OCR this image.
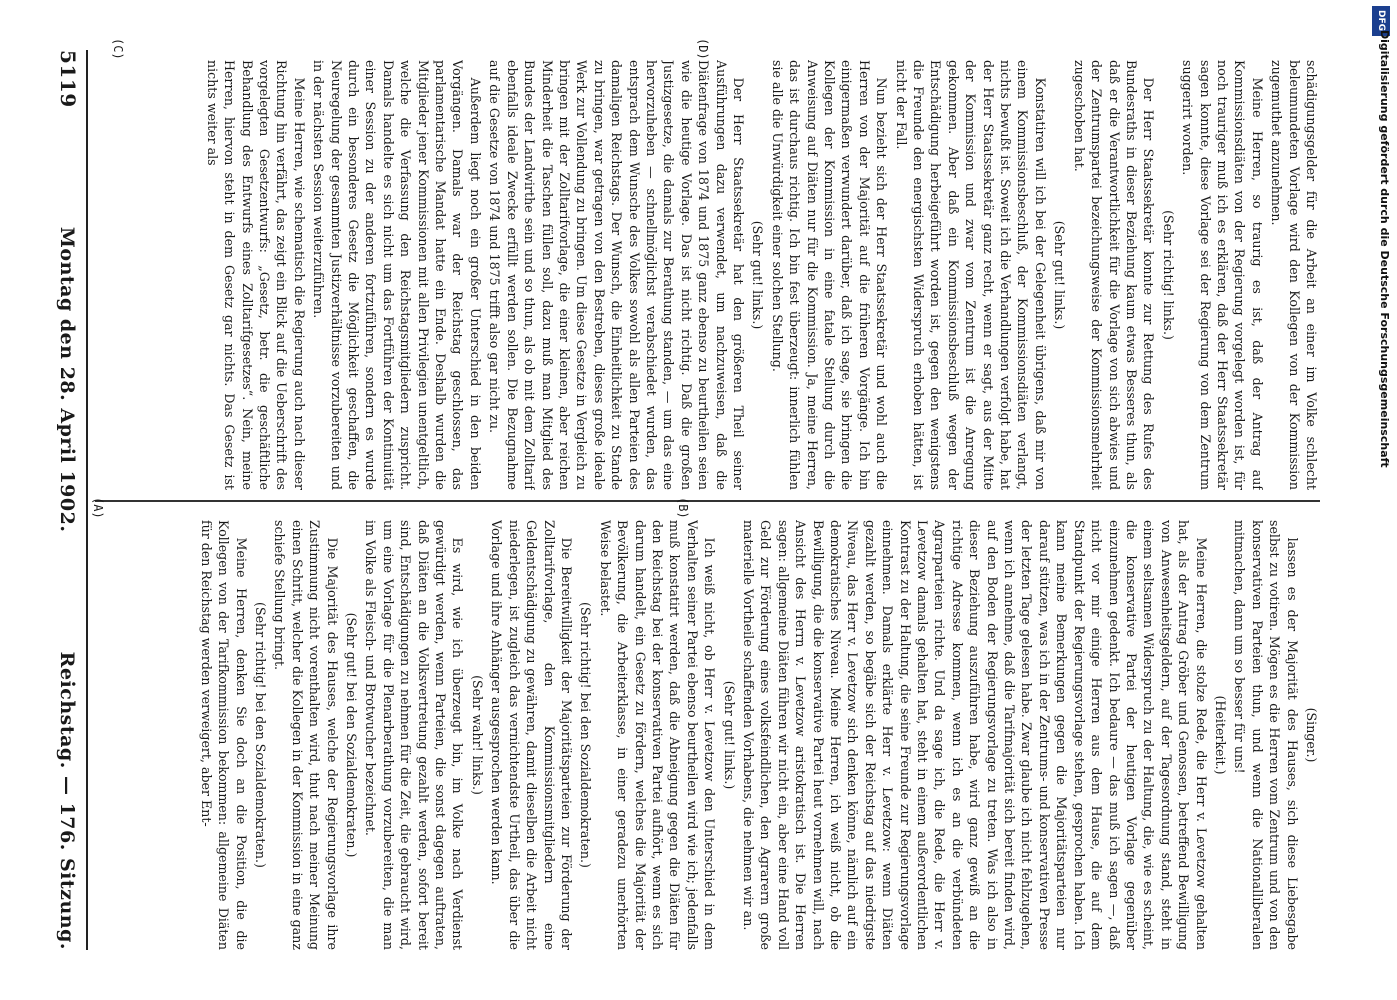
schädigungsgelder für die Arbeit an einer im Volke schlecht beleumundeten Vorlage wird den Kollegen von der Kommission zugemuthet anzunehmen.

Meine Herren, so traurig es ist, daß der Antrag auf Kommissionsdiäten von der Regierung vorgelegt worden ist, für noch trauriger muß ich es erklären, daß der Herr Staatssekretär sagen konnte, diese Vorlage sei der Regierung von dem Zentrum suggerirt worden.

(Sehr richtig! links.)

Der Herr Staatssekretär konnte zur Rettung des Rufes des Bundesraths in dieser Beziehung kaum etwas Besseres thun, als daß er die Verantwortlichkeit für die Vorlage von sich abwies und der Zentrumspartei bezeichungsweise der Kommissionsmehrheit zugeschoben hat.

(Sehr gut! links.)

Konstatiren will ich bei der Gelegenheit übrigens, daß mir von einem Kommissionsbeschluß, der Kommissionsdiäten verlangt, nichts bewußt ist. Soweit ich die Verhandlungen verfolgt habe, hat der Herr Staatssekretär ganz recht, wenn er sagt, aus der Mitte der Kommission und zwar vom Zentrum ist die Anregung gekommen. Aber daß ein Kommissionsbeschluß wegen der Entschädigung herbeigeführt worden ist, gegen den wenigstens die Freunde den energischsten Widerspruch erhoben hätten, ist nicht der Fall.

Nun bezieht sich der Herr Staatssekretär und wohl auch die Herren von der Majorität auf die früheren Vorgänge. Ich bin einigermaßen verwundert darüber, daß ich sage, sie bringen die Kollegen der Kommission in eine fatale Stellung durch die Anweisung auf Diäten nur für die Kommission. Ja, meine Herren, das ist durchaus richtig. Ich bin fest überzeugt: innerlich fühlen sie alle die Unwürdigkeit einer solchen Stellung.

(Sehr gut! links.)

Der Herr Staatssekretär hat den größeren Theil seiner Ausführungen dazu verwendet, um nachzuweisen, daß die Diätenfrage von 1874 und 1875 ganz ebenso zu beurtheilen seien wie die heutige Vorlage. Das ist nicht richtig. Daß die großen Justizgesetze, die damals zur Berathung standen, — um das eine hervorzuheben — schnellmöglichst verabschiedet wurden, das entsprach dem Wunsche des Volkes sowohl als allen Parteien des damaligen Reichstags. Der Wunsch, die Einheitlichkeit zu Stande zu bringen, war getragen von den Bestreben, dieses große ideale Werk zur Vollendung zu bringen. Um diese Gesetze in Vergleich zu bringen mit der Zolltarifvorlage, die einer kleinen, aber reichen Minderheit die Taschen füllen soll, dazu muß man Mitglied des Bundes der Landwirthe sein und so thun, als ob mit dem Zolltarif ebenfalls ideale Zwecke erfüllt werden sollen. Die Bezugnahme auf die Gesetze von 1874 und 1875 trifft also gar nicht zu.

Außerdem liegt noch ein großer Unterschied in den beiden Vorgängen. Damals war der Reichstag geschlossen, das parlamentarische Mandat hatte ein Ende. Deshalb wurden die Mitglieder jener Kommissionen mit allen Privilegien unentgeltlich, welche die Verfassung den Reichstagsmitgliedern zuspricht. Damals handelte es sich nicht um das Fortführen der Kontinuität einer Session zu der anderen fortzuführen, sondern es wurde durch ein besonderes Gesetz die Möglichkeit geschaffen, die Neuregelung der gesammten Justizverhältnisse vorzubereiten und in der nächsten Session weiterzuführen.

Meine Herren, wie schematisch die Regierung auch nach dieser Richtung hin verfährt, das zeigt ein Blick auf die Ueberschrift des vorgelegten Gesetzentwurfs: „Gesetz, betr. die geschäftliche Behandlung des Entwurfs eines Zolltarifgesetzes“. Nein, meine Herren, hiervon steht in dem Gesetz gar nichts. Das Gesetz ist nichts weiter als

(Singer.)

lassen es der Majorität des Hauses, sich diese Liebesgabe selbst zu votiren. Mögen es die Herren vom Zentrum und von den konservativen Parteien thun, und wenn die Nationalliberalen mitmachen, dann um so besser für uns!

(Heiterkeit.)

Meine Herren, die stolze Rede, die Herr v. Levetzow gehalten hat, als der Antrag Gröber und Genossen, betreffend Bewilligung von Anwesenheitsgeldern, auf der Tagesordnung stand, steht in einem seltsamen Widerspruch zu der Haltung, die, wie es scheint, die konservative Partei der heutigen Vorlage gegenüber einzunehmen gedenkt. Ich bedaure — das muß ich sagen —, daß nicht vor mir einige Herren aus dem Hause, die auf dem Standpunkt der Regierungsvorlage stehen, gesprochen haben. Ich kann meine Bemerkungen gegen die Majoritätsparteien nur darauf stützen, was ich in der Zentrums- und konservativen Presse der letzten Tage gelesen habe. Zwar glaube ich nicht fehlzugehen, wenn ich annehme, daß die Tarifmajorität sich bereit finden wird, auf den Boden der Regierungsvorlage zu treten. Was ich also in dieser Beziehung auszuführen habe, wird ganz gewiß an die richtige Adresse kommen, wenn ich es an die verbündeten Agrarparteien richte. Und da sage ich, die Rede, die Herr v. Levetzow damals gehalten hat, steht in einem außerordentlichen Kontrast zu der Haltung, die seine Freunde zur Regierungsvorlage einnehmen. Damals erklärte Herr v. Levetzow: wenn Diäten gezahlt werden, so begäbe sich der Reichstag auf das niedrigste Niveau, das Herr v. Levetzow sich denken könne, nämlich auf ein demokratisches Niveau. Meine Herren, ich weiß nicht, ob die Bewilligung, die die konservative Partei heut vornehmen will, nach Ansicht des Herrn v. Levetzow aristokratisch ist. Die Herren sagen: allgemeine Diäten führen wir nicht ein, aber eine Hand voll Geld zur Förderung eines volksfeindlichen, den Agrarern große materielle Vortheile schaffenden Vorhabens, die nehmen wir an.

(Sehr gut! links.)

Ich weiß nicht, ob Herr v. Levetzow den Unterschied in dem Verhalten seiner Partei ebenso beurtheilen wird wie ich; jedenfalls muß konstatirt werden, daß die Abneigung gegen die Diäten für den Reichstag bei der konservativen Partei aufhört, wenn es sich darum handelt, ein Gesetz zu fördern, welches die Majorität der Bevölkerung, die Arbeiterklasse, in einer geradezu unerhörten Weise belastet.

(Sehr richtig! bei den Sozialdemokraten.)

Die Bereitwilligkeit der Majoritätsparteien zur Förderung der Zolltarifvorlage, den Kommissionsmitgliedern eine Geldentschädigung zu gewähren, damit dieselben die Arbeit nicht niederlegen, ist zugleich das vernichtendste Urtheil, das über die Vorlage und ihre Anhänger ausgesprochen werden kann.

(Sehr wahr! links.)

Es wird, wie ich überzeugt bin, im Volke nach Verdienst gewürdigt werden, wenn Parteien, die sonst dagegen auftraten, daß Diäten an die Volksvertretung gezahlt werden, sofort bereit sind, Entschädigungen zu nehmen für die Zeit, die gebraucht wird, um eine Vorlage für die Plenarberathung vorzubereiten, die man im Volke als Fleisch- und Brotwucher bezeichnet.

(Sehr gut! bei den Sozialdemokraten.)

Die Majorität des Hauses, welche der Regierungsvorlage ihre Zustimmung nicht vorenthalten wird, thut nach meiner Meinung einen Schritt, welcher die Kollegen in der Kommission in eine ganz schiefe Stellung bringt.

(Sehr richtig! bei den Sozialdemokraten.)

Meine Herren, denken Sie doch an die Position, die die Kollegen von der Tarifkommission bekommen: allgemeine Diäten für den Reichstag werden verweigert, aber Ent-

(A)	(B)
(C)	(D)
5119
Montag den 28. April 1902.
Reichstag. — 176. Sitzung.
DFG
Digitalisierung gefördert durch die Deutsche Forschungsgemeinschaft
